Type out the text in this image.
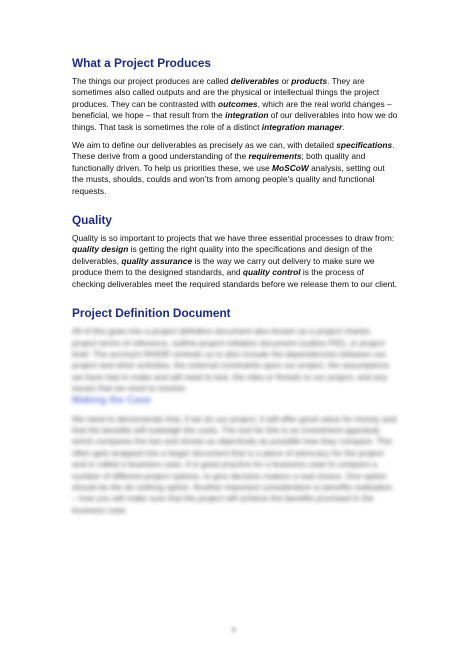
What a Project Produces

The things our project produces are called deliverables or products. They are sometimes also called outputs and are the physical or intellectual things the project produces. They can be contrasted with outcomes, which are the real world changes – beneficial, we hope – that result from the integration of our deliverables into how we do things. That task is sometimes the role of a distinct integration manager.

We aim to define our deliverables as precisely as we can, with detailed specifications. These derive from a good understanding of the requirements; both quality and functionally driven. To help us priorities these, we use MoSCoW analysis, setting out the musts, shoulds, coulds and won’ts from among people’s quality and functional requests.

Quality

Quality is so important to projects that we have three essential processes to draw from: quality design is getting the right quality into the specifications and design of the deliverables, quality assurance is the way we carry out delivery to make sure we produce them to the designed standards, and quality control is the process of checking deliverables meet the required standards before we release them to our client.

Project Definition Document

All of this goes into a project definition document also known as a project charter, project terms of reference, outline project initiation document (outline PID), or project brief. The acronym RAIDR reminds us to also include the dependencies between our project and other activities, the external constraints upon our project, the assumptions we have had to make and will need to test, the risks or threats to our project, and any issues that we need to resolve.

Making the Case

We need to demonstrate that, if we do our project, it will offer good value for money and that the benefits will outweigh the costs. The tool for this is an investment appraisal, which compares the two and shows as objectively as possible how they compare. This often gets wrapped into a larger document that is a piece of advocacy for the project and is called a business case. It is good practice for a business case to compare a number of different project options, to give decision makers a real choice. One option should be the do nothing option. Another important consideration is benefits realisation – how you will make sure that the project will achieve the benefits promised in the business case.

6
